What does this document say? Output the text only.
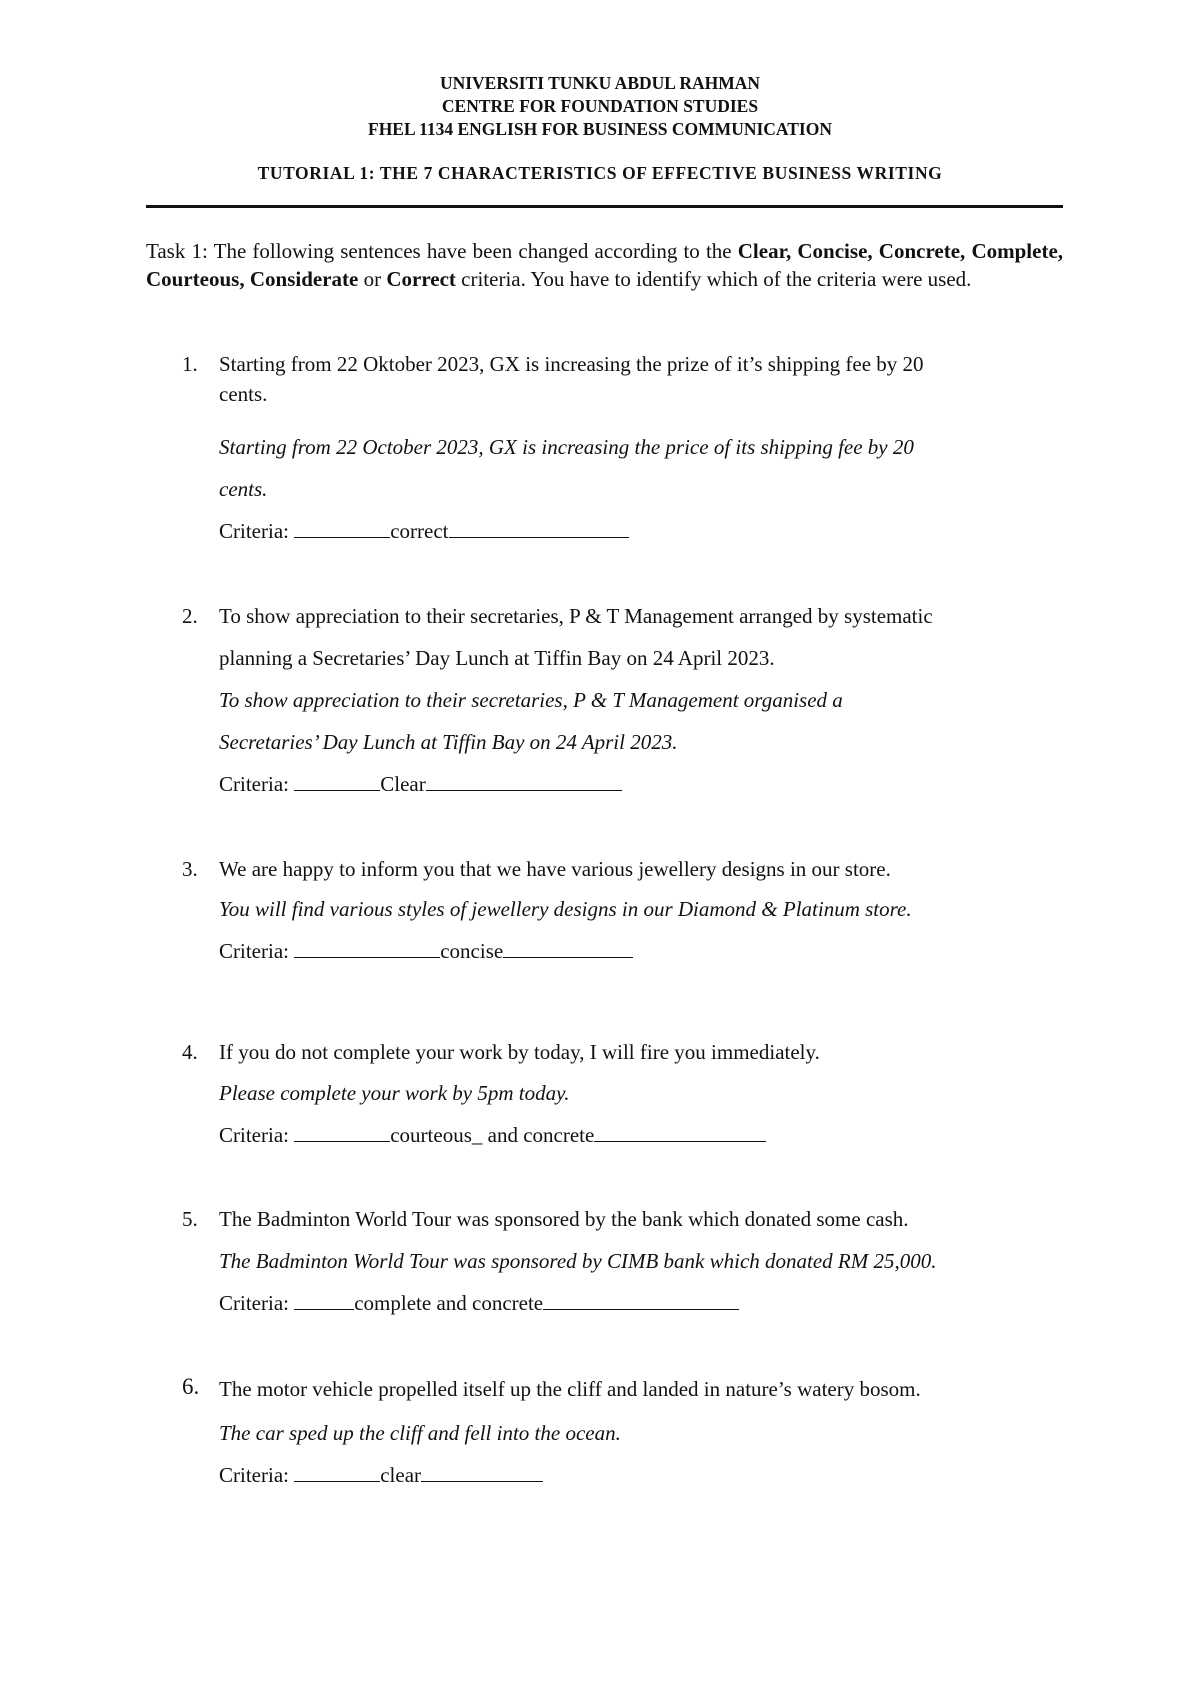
UNIVERSITI TUNKU ABDUL RAHMAN
CENTRE FOR FOUNDATION STUDIES
FHEL 1134 ENGLISH FOR BUSINESS COMMUNICATION
TUTORIAL 1: THE 7 CHARACTERISTICS OF EFFECTIVE BUSINESS WRITING
Task 1: The following sentences have been changed according to the Clear, Concise, Concrete, Complete, Courteous, Considerate or Correct criteria. You have to identify which of the criteria were used.
1. Starting from 22 Oktober 2023, GX is increasing the prize of it’s shipping fee by 20
cents.
Starting from 22 October 2023, GX is increasing the price of its shipping fee by 20
cents.
Criteria:	correct
2. To show appreciation to their secretaries, P & T Management arranged by systematic
planning a Secretaries’ Day Lunch at Tiffin Bay on 24 April 2023.
To show appreciation to their secretaries, P & T Management organised a
Secretaries’ Day Lunch at Tiffin Bay on 24 April 2023.
Criteria:	Clear
3. We are happy to inform you that we have various jewellery designs in our store.
You will find various styles of jewellery designs in our Diamond & Platinum store.
Criteria:	concise
4. If you do not complete your work by today, I will fire you immediately.
Please complete your work by 5pm today.
Criteria:	courteous_ and concrete
5. The Badminton World Tour was sponsored by the bank which donated some cash.
The Badminton World Tour was sponsored by CIMB bank which donated RM 25,000.
Criteria:	complete and concrete
6. The motor vehicle propelled itself up the cliff and landed in nature’s watery bosom.
The car sped up the cliff and fell into the ocean.
Criteria:	clear
